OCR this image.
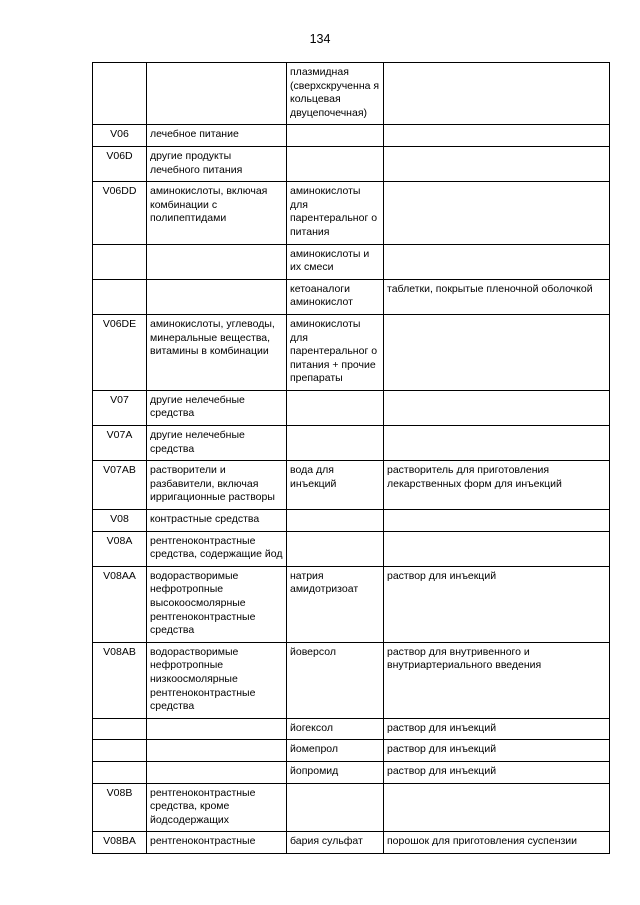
134
		плазмидная (сверхскрученна я кольцевая двуцепочечная)	
V06	лечебное питание		
V06D	другие продукты лечебного питания		
V06DD	аминокислоты, включая комбинации с полипептидами	аминокислоты для парентеральног о питания	
		аминокислоты и их смеси	
		кетоаналоги аминокислот	таблетки, покрытые пленочной оболочкой
V06DE	аминокислоты, углеводы, минеральные вещества, витамины в комбинации	аминокислоты для парентеральног о питания + прочие препараты	
V07	другие нелечебные средства		
V07A	другие нелечебные средства		
V07AB	растворители и разбавители, включая ирригационные растворы	вода для инъекций	растворитель для приготовления лекарственных форм для инъекций
V08	контрастные средства		
V08A	рентгеноконтрастные средства, содержащие йод		
V08AA	водорастворимые нефротропные высокоосмолярные рентгеноконтрастные средства	натрия амидотризоат	раствор для инъекций
V08AB	водорастворимые нефротропные низкоосмолярные рентгеноконтрастные средства	йоверсол	раствор для внутривенного и внутриартериального введения
		йогексол	раствор для инъекций
		йомепрол	раствор для инъекций
		йопромид	раствор для инъекций
V08B	рентгеноконтрастные средства, кроме йодсодержащих		
V08BA	рентгеноконтрастные	бария сульфат	порошок для приготовления суспензии
